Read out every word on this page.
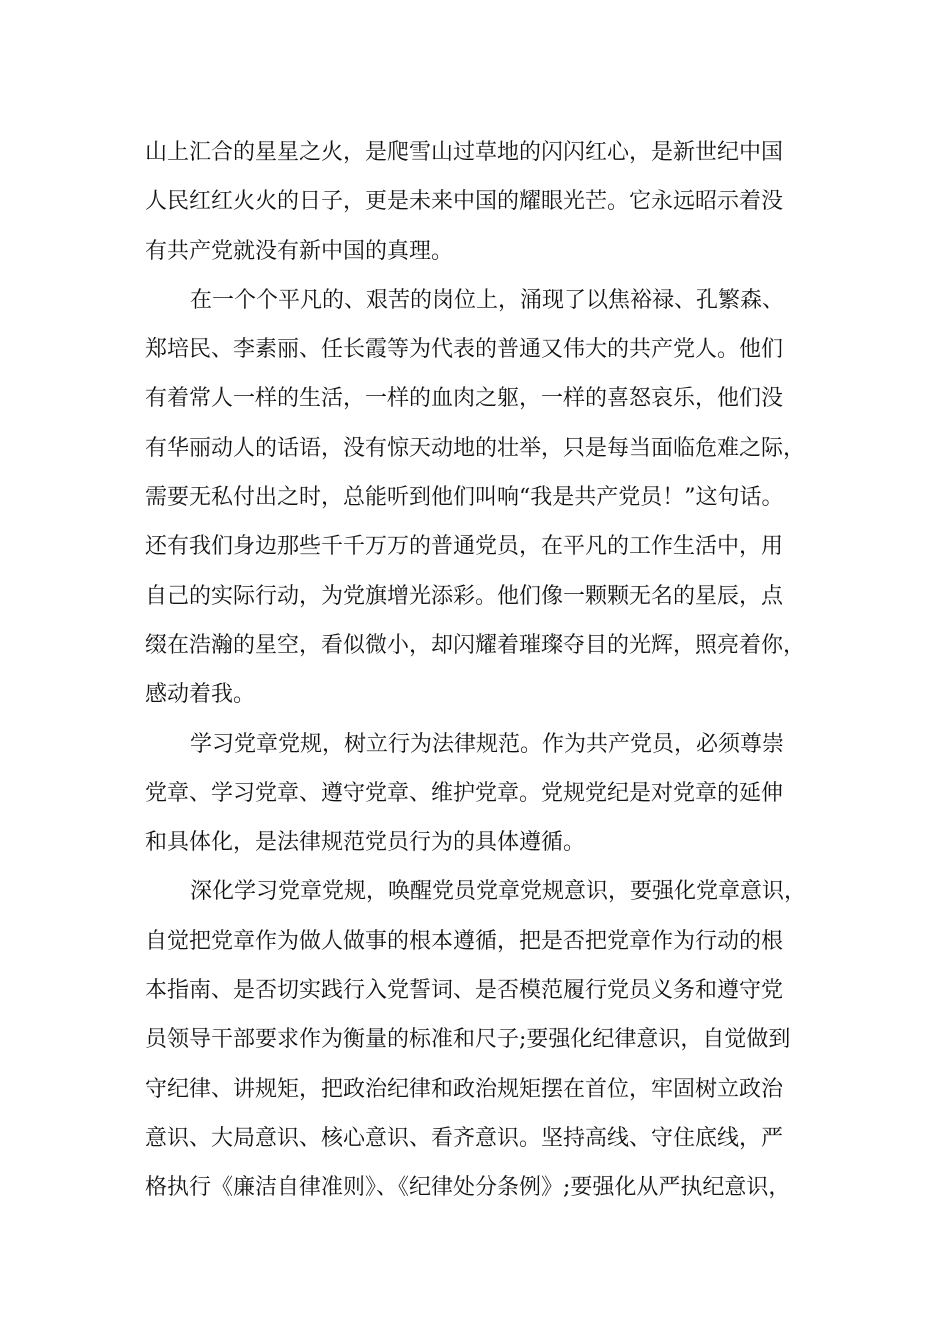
山上汇合的星星之火，是爬雪山过草地的闪闪红心，是新世纪中国
人民红红火火的日子，更是未来中国的耀眼光芒。它永远昭示着没
有共产党就没有新中国的真理。
在一个个平凡的、艰苦的岗位上，涌现了以焦裕禄、孔繁森、
郑培民、李素丽、任长霞等为代表的普通又伟大的共产党人。他们
有着常人一样的生活，一样的血肉之躯，一样的喜怒哀乐，他们没
有华丽动人的话语，没有惊天动地的壮举，只是每当面临危难之际，
需要无私付出之时，总能听到他们叫响“我是共产党员！”这句话。
还有我们身边那些千千万万的普通党员，在平凡的工作生活中，用
自己的实际行动，为党旗增光添彩。他们像一颗颗无名的星辰，点
缀在浩瀚的星空，看似微小，却闪耀着璀璨夺目的光辉，照亮着你，
感动着我。
学习党章党规，树立行为法律规范。作为共产党员，必须尊崇
党章、学习党章、遵守党章、维护党章。党规党纪是对党章的延伸
和具体化，是法律规范党员行为的具体遵循。
深化学习党章党规，唤醒党员党章党规意识，要强化党章意识，
自觉把党章作为做人做事的根本遵循，把是否把党章作为行动的根
本指南、是否切实践行入党誓词、是否模范履行党员义务和遵守党
员领导干部要求作为衡量的标准和尺子;要强化纪律意识，自觉做到
守纪律、讲规矩，把政治纪律和政治规矩摆在首位，牢固树立政治
意识、大局意识、核心意识、看齐意识。坚持高线、守住底线，严
格执行《廉洁自律准则》、《纪律处分条例》;要强化从严执纪意识，
